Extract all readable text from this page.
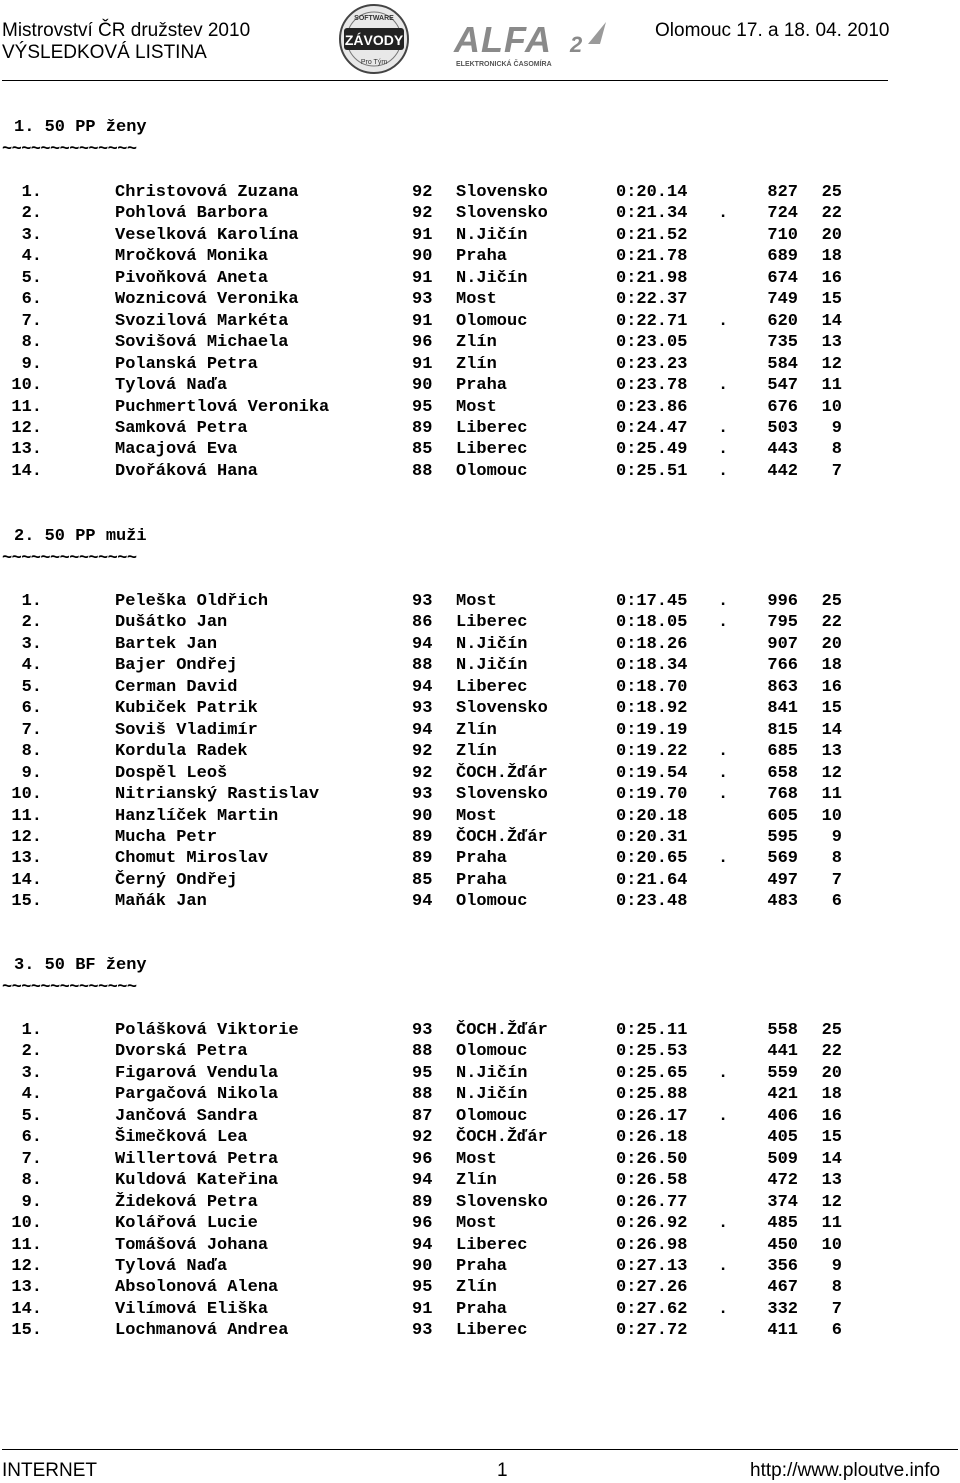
Mistrovství ČR družstev 2010
VÝSLEDKOVÁ LISTINA
Olomouc 17. a 18. 04. 2010
ZÁVODY
SOFTWARE
Pro Tým
ALFA 2
ELEKTRONICKÁ ČASOMÍRA
1. 50 PP ženy
~~~~~~~~~~~~~~
1.	Christovová Zuzana	92 Slovensko	0:20.14	827	25
2.	Pohlová Barbora	92 Slovensko	0:21.34 .	724	22
3.	Veselková Karolína	91 N.Jičín	0:21.52	710	20
4.	Mročková Monika	90 Praha	0:21.78	689	18
5.	Pivoňková Aneta	91 N.Jičín	0:21.98	674	16
6.	Woznicová Veronika	93 Most	0:22.37	749	15
7.	Svozilová Markéta	91 Olomouc	0:22.71 .	620	14
8.	Sovišová Michaela	96 Zlín	0:23.05	735	13
9.	Polanská Petra	91 Zlín	0:23.23	584	12
10.	Tylová Naďa	90 Praha	0:23.78 .	547	11
11.	Puchmertlová Veronika	95 Most	0:23.86	676	10
12.	Samková Petra	89 Liberec	0:24.47 .	503	9
13.	Macajová Eva	85 Liberec	0:25.49 .	443	8
14.	Dvořáková Hana	88 Olomouc	0:25.51 .	442	7
2. 50 PP muži
~~~~~~~~~~~~~~
1.	Peleška Oldřich	93 Most	0:17.45 .	996	25
2.	Dušátko Jan	86 Liberec	0:18.05 .	795	22
3.	Bartek Jan	94 N.Jičín	0:18.26	907	20
4.	Bajer Ondřej	88 N.Jičín	0:18.34	766	18
5.	Cerman David	94 Liberec	0:18.70	863	16
6.	Kubiček Patrik	93 Slovensko	0:18.92	841	15
7.	Soviš Vladimír	94 Zlín	0:19.19	815	14
8.	Kordula Radek	92 Zlín	0:19.22 .	685	13
9.	Dospěl Leoš	92 ČOCH.Žďár	0:19.54 .	658	12
10.	Nitrianský Rastislav	93 Slovensko	0:19.70 .	768	11
11.	Hanzlíček Martin	90 Most	0:20.18	605	10
12.	Mucha Petr	89 ČOCH.Žďár	0:20.31	595	9
13.	Chomut Miroslav	89 Praha	0:20.65 .	569	8
14.	Černý Ondřej	85 Praha	0:21.64	497	7
15.	Maňák Jan	94 Olomouc	0:23.48	483	6
3. 50 BF ženy
~~~~~~~~~~~~~~
1.	Polášková Viktorie	93 ČOCH.Žďár	0:25.11	558	25
2.	Dvorská Petra	88 Olomouc	0:25.53	441	22
3.	Figarová Vendula	95 N.Jičín	0:25.65 .	559	20
4.	Pargačová Nikola	88 N.Jičín	0:25.88	421	18
5.	Jančová Sandra	87 Olomouc	0:26.17 .	406	16
6.	Šimečková Lea	92 ČOCH.Žďár	0:26.18	405	15
7.	Willertová Petra	96 Most	0:26.50	509	14
8.	Kuldová Kateřina	94 Zlín	0:26.58	472	13
9.	Žideková Petra	89 Slovensko	0:26.77	374	12
10.	Kolářová Lucie	96 Most	0:26.92 .	485	11
11.	Tomášová Johana	94 Liberec	0:26.98	450	10
12.	Tylová Naďa	90 Praha	0:27.13 .	356	9
13.	Absolonová Alena	95 Zlín	0:27.26	467	8
14.	Vilímová Eliška	91 Praha	0:27.62 .	332	7
15.	Lochmanová Andrea	93 Liberec	0:27.72	411	6
INTERNET	1	http://www.ploutve.info
